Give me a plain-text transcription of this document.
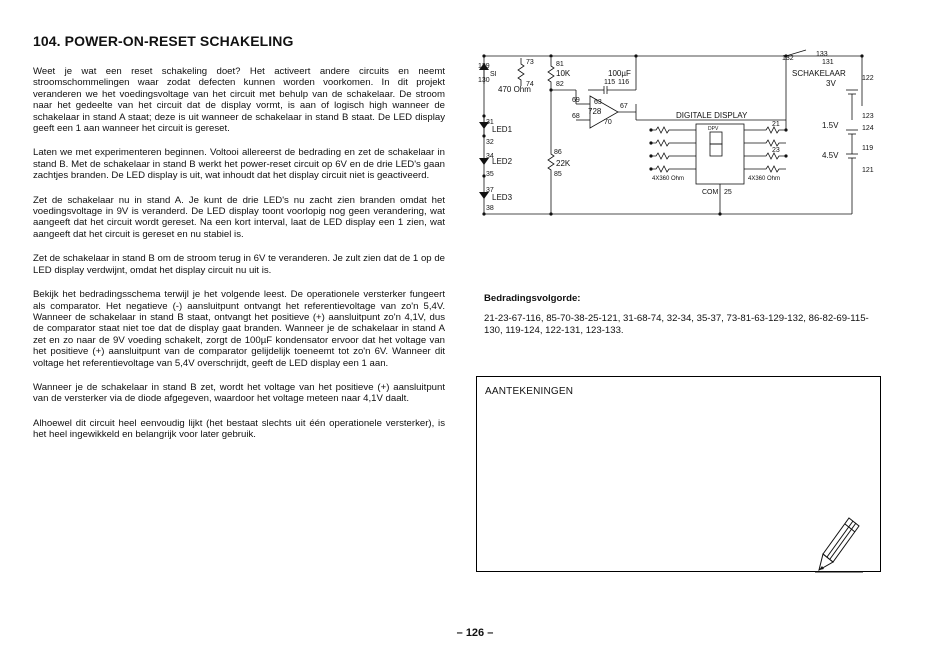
104. POWER-ON-RESET SCHAKELING

Weet je wat een reset schakeling doet? Het activeert andere circuits en neemt stroomschommelingen waar zodat defecten kunnen worden voorkomen. In dit projekt veranderen we het voedingsvoltage van het circuit met behulp van de schakelaar. De stroom naar het gedeelte van het circuit dat de display vormt, is aan of logisch high wanneer de schakelaar in stand A staat; deze is uit wanneer de schakelaar in stand B staat. De LED display geeft een 1 aan wanneer het circuit is gereset.

Laten we met experimenteren beginnen. Voltooi allereerst de bedrading en zet de schakelaar in stand B. Met de schakelaar in stand B werkt het power-reset circuit op 6V en de drie LED's gaan zachtjes branden. De LED display is uit, wat inhoudt dat het display circuit niet is geactiveerd.

Zet de schakelaar nu in stand A. Je kunt de drie LED's nu zacht zien branden omdat het voedingsvoltage in 9V is veranderd. De LED display toont voorlopig nog geen verandering, wat aangeeft dat het circuit wordt gereset. Na een kort interval, laat de LED display een 1 zien, wat aangeeft dat het circuit is gereset en nu stabiel is.

Zet de schakelaar in stand B om de stroom terug in 6V te veranderen. Je zult zien dat de 1 op de LED display verdwijnt, omdat het display circuit nu uit is.

Bekijk het bedradingsschema terwijl je het volgende leest. De operationele versterker fungeert als comparator. Het negatieve (-) aansluitpunt ontvangt het referentievoltage van zo'n 5,4V. Wanneer de schakelaar in stand B staat, ontvangt het positieve (+) aansluitpunt zo'n 4,1V, dus de comparator staat niet toe dat de display gaat branden. Wanneer je de schakelaar in stand A zet en zo naar de 9V voeding schakelt, zorgt de 100µF kondensator ervoor dat het voltage van het positieve (+) aansluitpunt van de comparator gelijdelijk toeneemt tot zo'n 6V. Wanneer dit voltage het referentievoltage van 5,4V overschrijdt, geeft de LED display een 1 aan.

Wanneer je de schakelaar in stand B zet, wordt het voltage van het positieve (+) aansluitpunt van de versterker via de diode afgegeven, waardoor het voltage meteen naar 4,1V daalt.

Alhoewel dit circuit heel eenvoudig lijkt (het bestaat slechts uit één operationele versterker), is het heel ingewikkeld en belangrijk voor later gebruik.

129
130
SI
73
74
470 Ohm
81
10K
82
100µF
115 116
69 63
68
728
67
70
132
133
131
SCHAKELAAR
122
3V
123
1.5V	124
119
4.5V
121
DIGITALE DISPLAY
DPV
21
23
31
LED1
32
34
LED2
35
37
LED3
38
86
22K
85
4X360 Ohm	4X360 Ohm
COM 25
Bedradingsvolgorde:
21-23-67-116, 85-70-38-25-121, 31-68-74, 32-34, 35-37, 73-81-63-129-132, 86-82-69-115-130, 119-124, 122-131, 123-133.
AANTEKENINGEN
– 126 –
